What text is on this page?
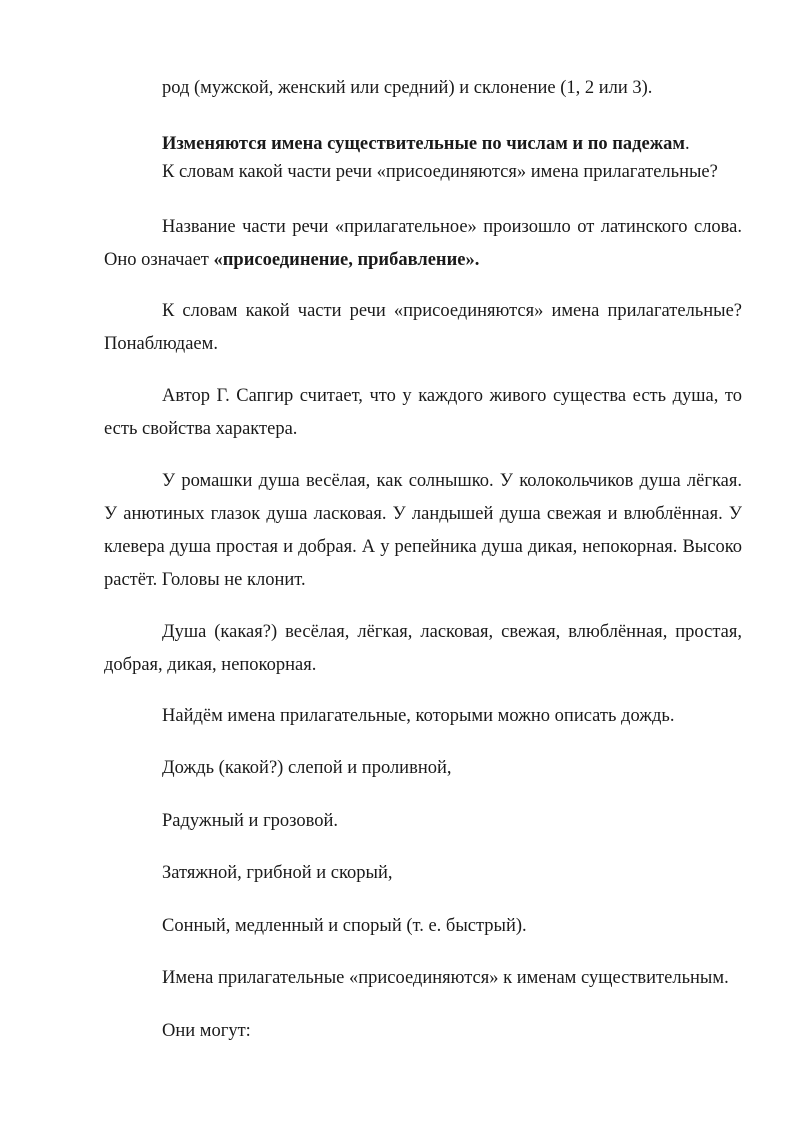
род (мужской, женский или средний) и склонение (1, 2 или 3).

Изменяются имена существительные по числам и по падежам.

К словам какой части речи «присоединяются» имена прилагательные?

Название части речи «прилагательное» произошло от латинского слова. Оно означает «присоединение, прибавление».

К словам какой части речи «присоединяются» имена прилагательные? Понаблюдаем.

Автор Г. Сапгир считает, что у каждого живого существа есть душа, то есть свойства характера.

У ромашки душа весёлая, как солнышко. У колокольчиков душа лёгкая. У анютиных глазок душа ласковая. У ландышей душа свежая и влюблённая. У клевера душа простая и добрая. А у репейника душа дикая, непокорная. Высоко растёт. Головы не клонит.

Душа (какая?) весёлая, лёгкая, ласковая, свежая, влюблённая, простая, добрая, дикая, непокорная.

Найдём имена прилагательные, которыми можно описать дождь.

Дождь (какой?) слепой и проливной,

Радужный и грозовой.

Затяжной, грибной и скорый,

Сонный, медленный и спорый (т. е. быстрый).

Имена прилагательные «присоединяются» к именам существительным.

Они могут:
